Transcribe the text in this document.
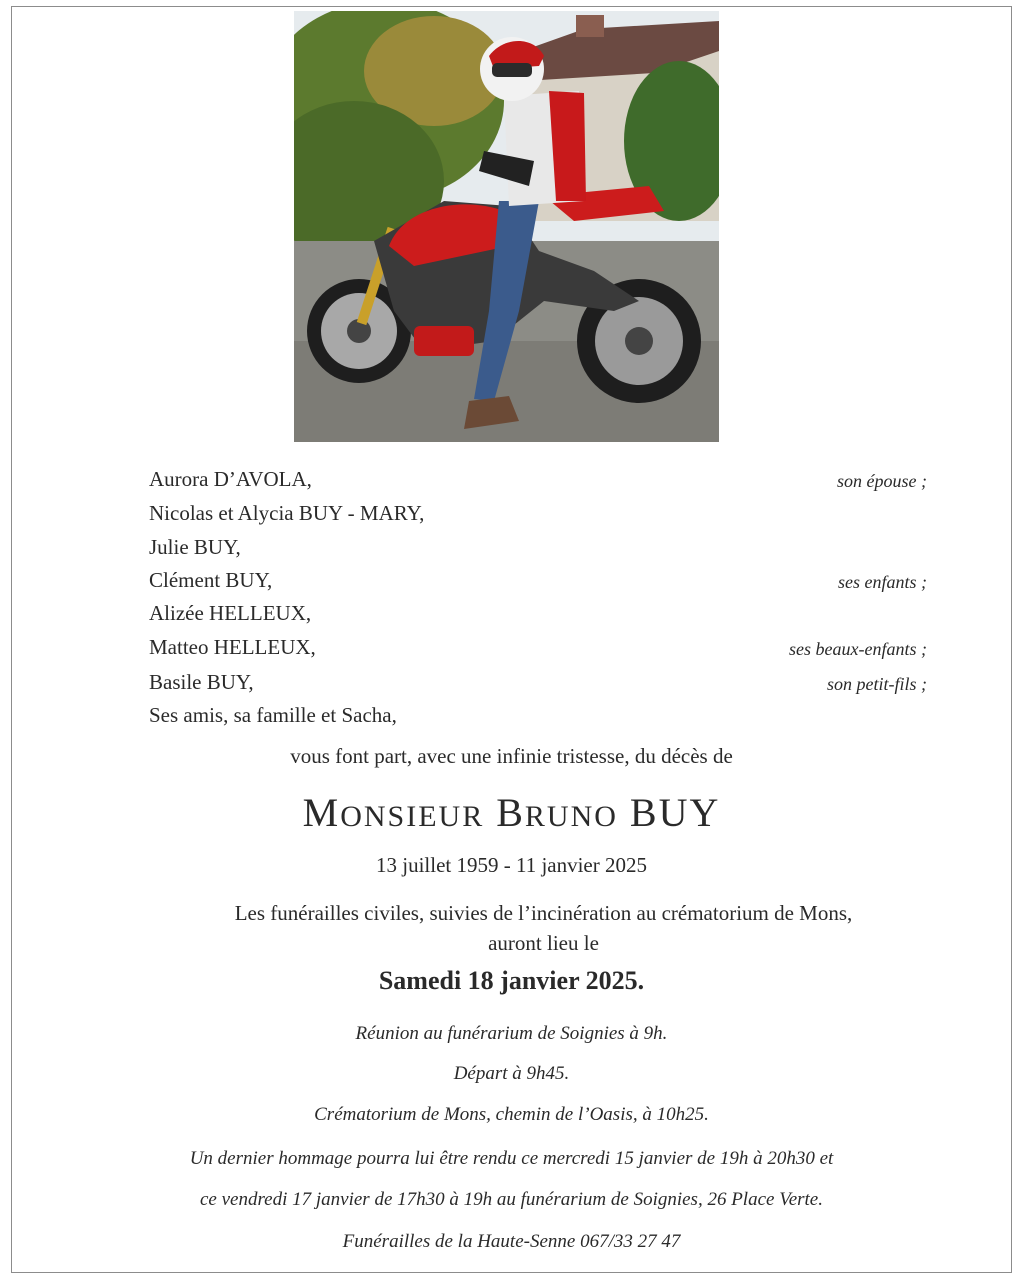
Aurora D’AVOLA,	son épouse ;
Nicolas et Alycia BUY - MARY,
Julie BUY,
Clément BUY,	ses enfants ;
Alizée HELLEUX,
Matteo HELLEUX,	ses beaux-enfants ;
Basile BUY,	son petit-fils ;
Ses amis, sa famille et Sacha,
vous font part, avec une infinie tristesse, du décès de
MONSIEUR BRUNO BUY
13 juillet 1959 - 11 janvier 2025
Les funérailles civiles, suivies de l’incinération au crématorium de Mons,
auront lieu le
Samedi 18 janvier 2025.
Réunion au funérarium de Soignies à 9h.
Départ à 9h45.
Crématorium de Mons, chemin de l’Oasis, à 10h25.
Un dernier hommage pourra lui être rendu ce mercredi 15 janvier de 19h à 20h30 et
ce vendredi 17 janvier de 17h30 à 19h au funérarium de Soignies, 26 Place Verte.
Funérailles de la Haute-Senne 067/33 27 47
